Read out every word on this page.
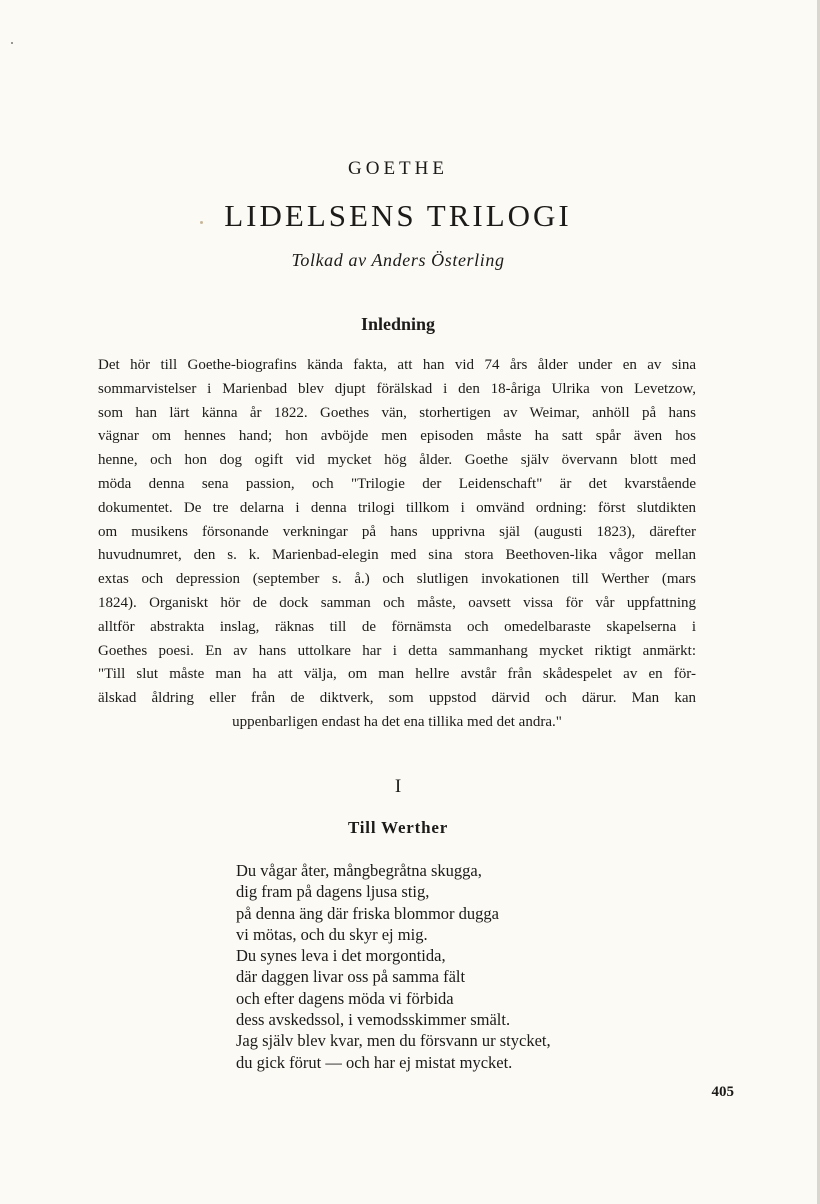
GOETHE
LIDELSENS TRILOGI
Tolkad av Anders Österling
Inledning
Det hör till Goethe-biografins kända fakta, att han vid 74 års ålder under en av sina
sommarvistelser i Marienbad blev djupt förälskad i den 18-åriga Ulrika von Levetzow,
som han lärt känna år 1822. Goethes vän, storhertigen av Weimar, anhöll på hans
vägnar om hennes hand; hon avböjde men episoden måste ha satt spår även hos
henne, och hon dog ogift vid mycket hög ålder. Goethe själv övervann blott med
möda denna sena passion, och "Trilogie der Leidenschaft" är det kvarstående
dokumentet. De tre delarna i denna trilogi tillkom i omvänd ordning: först slutdikten
om musikens försonande verkningar på hans upprivna själ (augusti 1823), därefter
huvudnumret, den s. k. Marienbad-elegin med sina stora Beethoven-lika vågor mellan
extas och depression (september s. å.) och slutligen invokationen till Werther (mars
1824). Organiskt hör de dock samman och måste, oavsett vissa för vår uppfattning
alltför abstrakta inslag, räknas till de förnämsta och omedelbaraste skapelserna i
Goethes poesi. En av hans uttolkare har i detta sammanhang mycket riktigt anmärkt:
"Till slut måste man ha att välja, om man hellre avstår från skådespelet av en för-
älskad åldring eller från de diktverk, som uppstod därvid och därur. Man kan
uppenbarligen endast ha det ena tillika med det andra."
I
Till Werther
Du vågar åter, mångbegråtna skugga,
dig fram på dagens ljusa stig,
på denna äng där friska blommor dugga
vi mötas, och du skyr ej mig.
Du synes leva i det morgontida,
där daggen livar oss på samma fält
och efter dagens möda vi förbida
dess avskedssol, i vemodsskimmer smält.
Jag själv blev kvar, men du försvann ur stycket,
du gick förut — och har ej mistat mycket.
405
